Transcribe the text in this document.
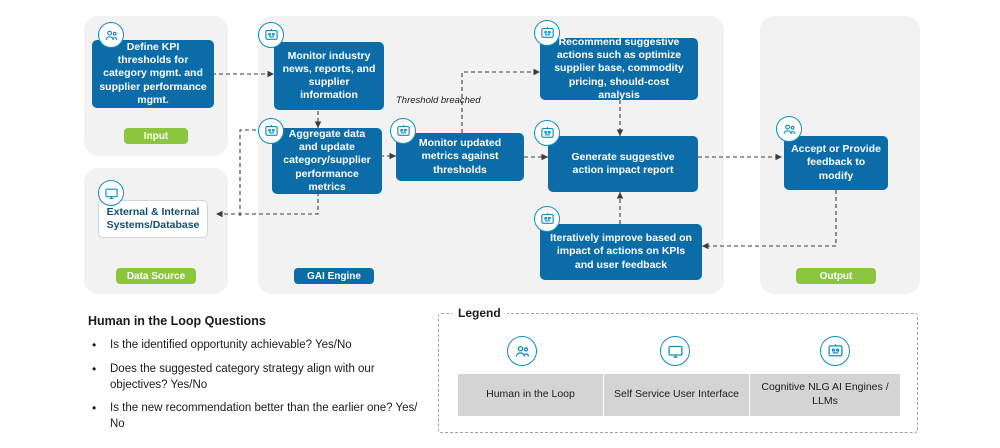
Define KPI thresholds for category mgmt. and supplier performance mgmt.
Input
External & Internal Systems/Database
Data Source
Monitor industry news, reports, and supplier information
Aggregate data and update category/supplier performance metrics
Monitor updated metrics against thresholds
Threshold breached
Recommend suggestive actions such as optimize supplier base, commodity pricing, should-cost analysis
Generate suggestive action impact report
Iteratively improve based on impact of actions on KPIs and user feedback
GAI Engine
Accept or Provide feedback to modify
Output
Human in the Loop Questions
• Is the identified opportunity achievable? Yes/No
• Does the suggested category strategy align with our objectives? Yes/No
• Is the new recommendation better than the earlier one? Yes/ No
Legend
Human in the Loop	Self Service User Interface
Cognitive NLG AI Engines / LLMs
